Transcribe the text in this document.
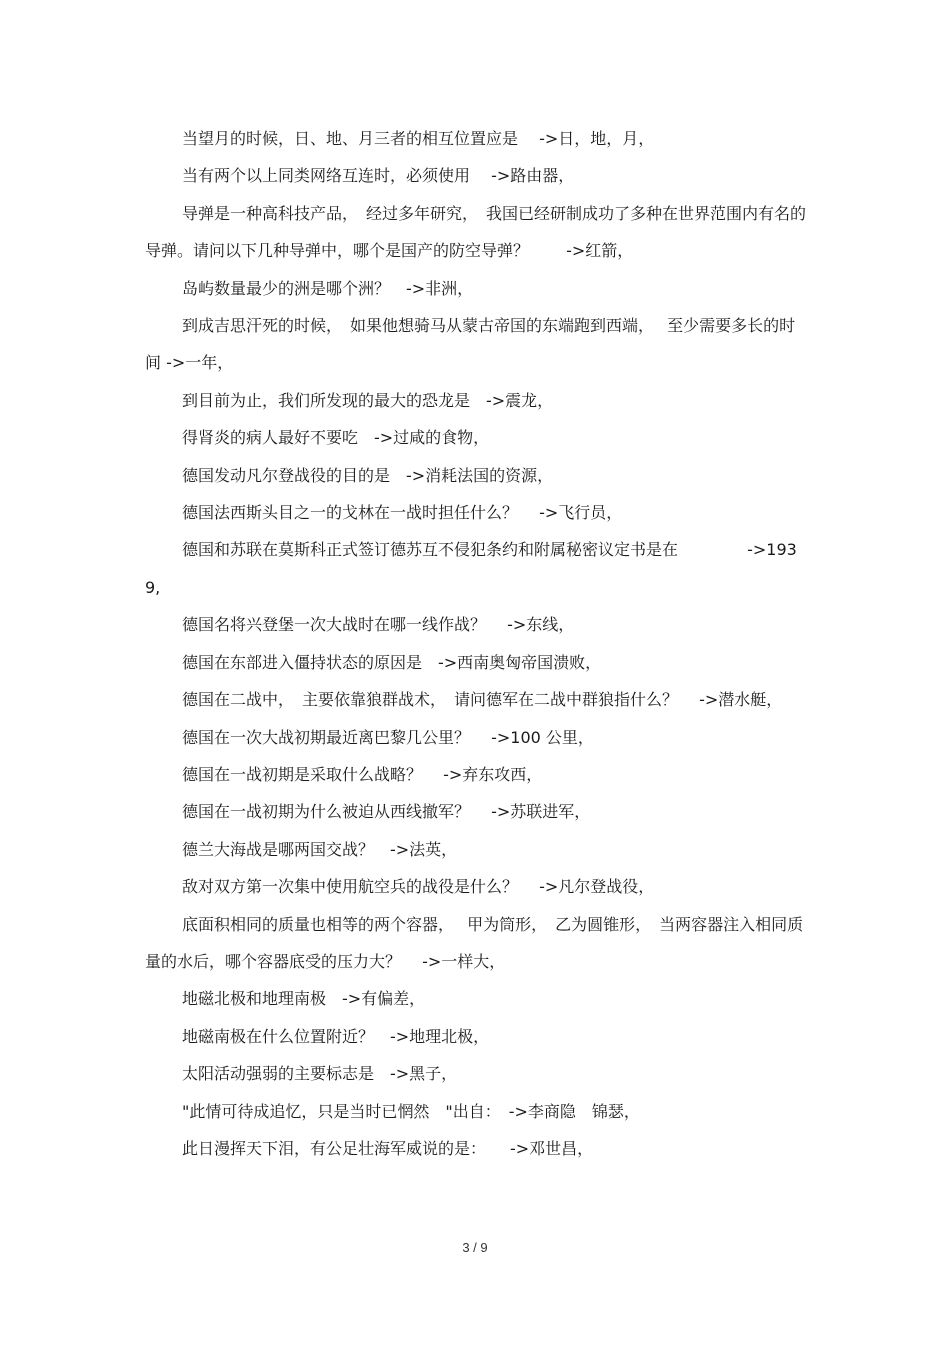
当望月的时候，日、地、月三者的相互位置应是　 ->日，地，月，

当有两个以上同类网络互连时，必须使用　 ->路由器，

导弹是一种高科技产品，　经过多年研究，　我国已经研制成功了多种在世界范围内有名的导弹。请问以下几种导弹中，哪个是国产的防空导弹？　　 ->红箭，

岛屿数量最少的洲是哪个洲？　->非洲，

到成吉思汗死的时候，　如果他想骑马从蒙古帝国的东端跑到西端，　 至少需要多长的时间 ->一年，

到目前为止，我们所发现的最大的恐龙是　->震龙，

得肾炎的病人最好不要吃　->过咸的食物，

德国发动凡尔登战役的目的是　->消耗法国的资源，

德国法西斯头目之一的戈林在一战时担任什么？　 ->飞行员，

德国和苏联在莫斯科正式签订德苏互不侵犯条约和附属秘密议定书是在　　　　 ->1939,

德国名将兴登堡一次大战时在哪一线作战？　 ->东线，

德国在东部进入僵持状态的原因是　->西南奥匈帝国溃败，

德国在二战中，　主要依靠狼群战术，　请问德军在二战中群狼指什么？　 ->潜水艇，

德国在一次大战初期最近离巴黎几公里？　 ->100 公里，

德国在一战初期是采取什么战略？　 ->弃东攻西，

德国在一战初期为什么被迫从西线撤军？　 ->苏联进军，

德兰大海战是哪两国交战？　->法英，

敌对双方第一次集中使用航空兵的战役是什么？　 ->凡尔登战役，

底面积相同的质量也相等的两个容器，　 甲为筒形，　乙为圆锥形，　当两容器注入相同质量的水后，哪个容器底受的压力大？　 ->一样大，

地磁北极和地理南极　->有偏差，

地磁南极在什么位置附近？　->地理北极，

太阳活动强弱的主要标志是　->黑子，

"此情可待成追忆，只是当时已惘然　"出自：　->李商隐　锦瑟，

此日漫挥天下泪，有公足壮海军威说的是：　　->邓世昌，

3 / 9
